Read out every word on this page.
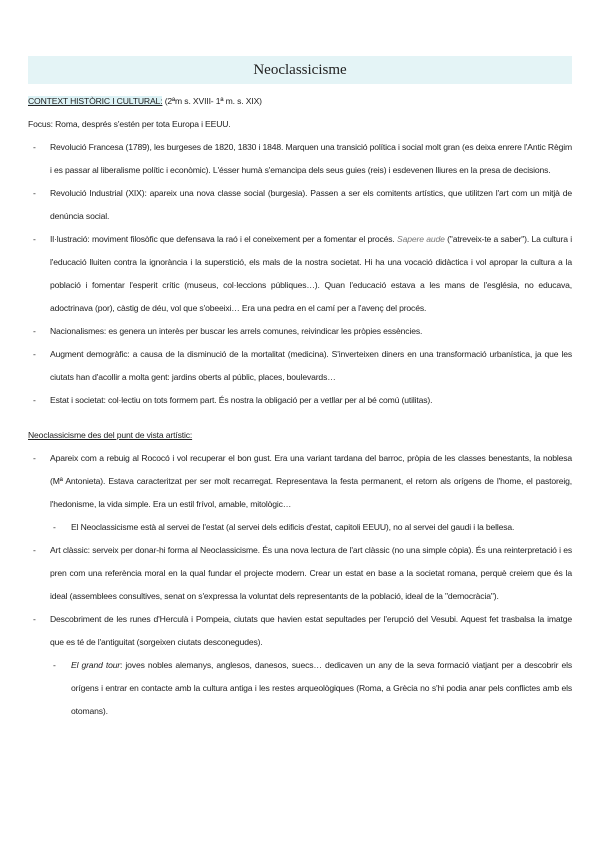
Neoclassicisme

CONTEXT HISTÒRIC I CULTURAL: (2ªm s. XVIII- 1ª m. s. XIX)

Focus: Roma, després s'estén per tota Europa i EEUU.

- Revolució Francesa (1789), les burgeses de 1820, 1830 i 1848. Marquen una transició política i social molt gran (es deixa enrere l'Antic Règim i es passar al liberalisme polític i econòmic). L'ésser humà s'emancipa dels seus guies (reis) i esdevenen lliures en la presa de decisions.
- Revolució Industrial (XIX): apareix una nova classe social (burgesia). Passen a ser els comitents artístics, que utilitzen l'art com un mitjà de denúncia social.
- Il·lustració: moviment filosòfic que defensava la raó i el coneixement per a fomentar el procés. Sapere aude ("atreveix-te a saber"). La cultura i l'educació lluiten contra la ignorància i la superstició, els mals de la nostra societat. Hi ha una vocació didàctica i vol apropar la cultura a la població i fomentar l'esperit crític (museus, col·leccions públiques…). Quan l'educació estava a les mans de l'església, no educava, adoctrinava (por), càstig de déu, vol que s'obeeixi… Era una pedra en el camí per a l'avenç del procés.
- Nacionalismes: es genera un interès per buscar les arrels comunes, reivindicar les pròpies essències.
- Augment demogràfic: a causa de la disminució de la mortalitat (medicina). S'inverteixen diners en una transformació urbanística, ja que les ciutats han d'acollir a molta gent: jardins oberts al públic, places, boulevards…
- Estat i societat: col·lectiu on tots formem part. És nostra la obligació per a vetllar per al bé comú (utilitas).

Neoclassicisme des del punt de vista artístic:

- Apareix com a rebuig al Rococó i vol recuperar el bon gust. Era una variant tardana del barroc, pròpia de les classes benestants, la noblesa (Mª Antonieta). Estava caracteritzat per ser molt recarregat. Representava la festa permanent, el retorn als orígens de l'home, el pastoreig, l'hedonisme, la vida simple. Era un estil frívol, amable, mitològic…
- El Neoclassicisme està al servei de l'estat (al servei dels edificis d'estat, capitoli EEUU), no al servei del gaudi i la bellesa.
- Art clàssic: serveix per donar-hi forma al Neoclassicisme. És una nova lectura de l'art clàssic (no una simple còpia). És una reinterpretació i es pren com una referència moral en la qual fundar el projecte modern. Crear un estat en base a la societat romana, perquè creiem que és la ideal (assemblees consultives, senat on s'expressa la voluntat dels representants de la població, ideal de la "democràcia").
- Descobriment de les runes d'Herculà i Pompeia, ciutats que havien estat sepultades per l'erupció del Vesubi. Aquest fet trasbalsa la imatge que es té de l'antiguitat (sorgeixen ciutats desconegudes).
- El grand tour: joves nobles alemanys, anglesos, danesos, suecs… dedicaven un any de la seva formació viatjant per a descobrir els orígens i entrar en contacte amb la cultura antiga i les restes arqueològiques (Roma, a Grècia no s'hi podia anar pels conflictes amb els otomans).
